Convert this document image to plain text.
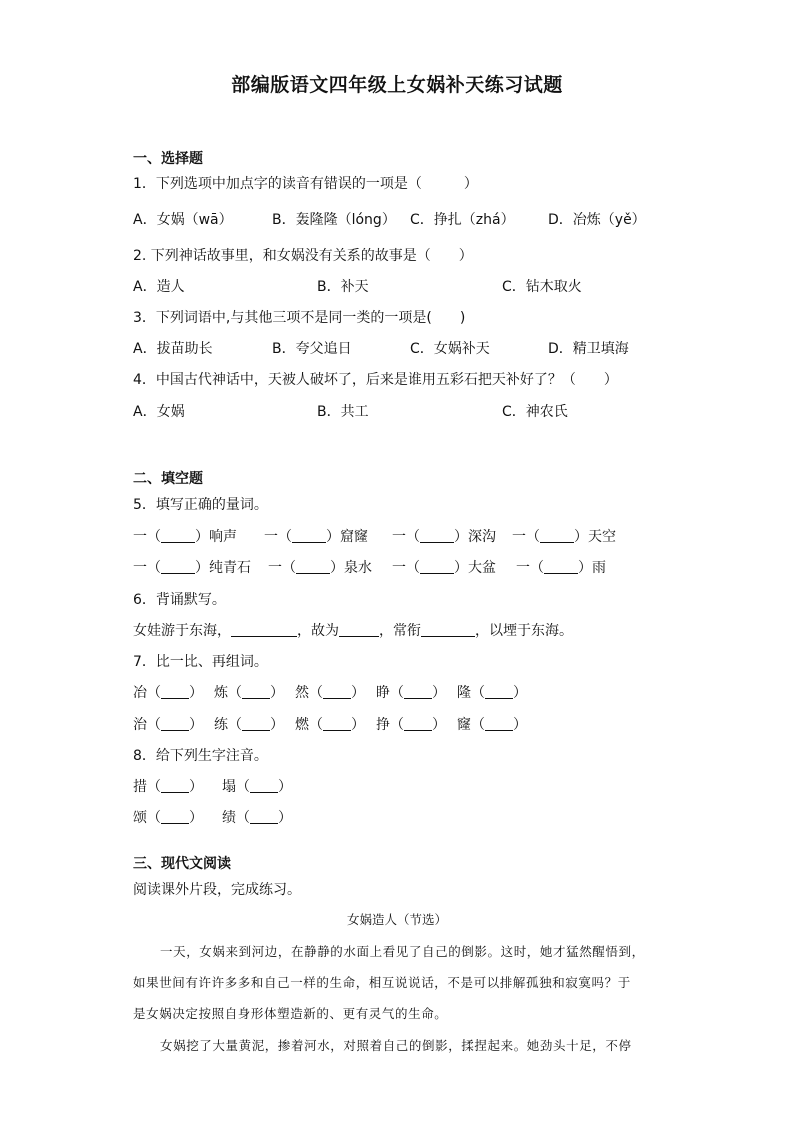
部编版语文四年级上女娲补天练习试题
一、选择题
1．下列选项中加点字的读音有错误的一项是（　　　）
A．女娲（wā）	B．轰隆隆（lóng） C．挣扎（zhá） D．冶炼（yě）
2. 下列神话故事里，和女娲没有关系的故事是（　　）
A．造人	B．补天	C．钻木取火
3．下列词语中,与其他三项不是同一类的一项是(　　)
A．拔苗助长	B．夸父追日	C．女娲补天	D．精卫填海
4．中国古代神话中，天被人破坏了，后来是谁用五彩石把天补好了？（　　）
A．女娲	B．共工	C．神农氏
二、填空题
5．填写正确的量词。
一（ ）响声 一（ ）窟窿 一（ ）深沟 一（ ）天空
一（ ）纯青石 一（ ）泉水 一（ ）大盆 一（ ）雨
6．背诵默写。
女娃游于东海，	，故为	，常衔	，以堙于东海。
7．比一比、再组词。
冶（ ） 炼（ ） 然（ ） 睁（ ） 隆（ ）
治（ ） 练（ ） 燃（ ） 挣（ ） 窿（ ）
8．给下列生字注音。
措（ ） 塌（ ）
颂（ ） 绩（ ）
三、现代文阅读
阅读课外片段，完成练习。
女娲造人（节选）
一天，女娲来到河边，在静静的水面上看见了自己的倒影。这时，她才猛然醒悟到，
如果世间有许许多多和自己一样的生命，相互说说话，不是可以排解孤独和寂寞吗？于
是女娲决定按照自身形体塑造新的、更有灵气的生命。
女娲挖了大量黄泥，掺着河水，对照着自己的倒影，揉捏起来。她劲头十足，不停
